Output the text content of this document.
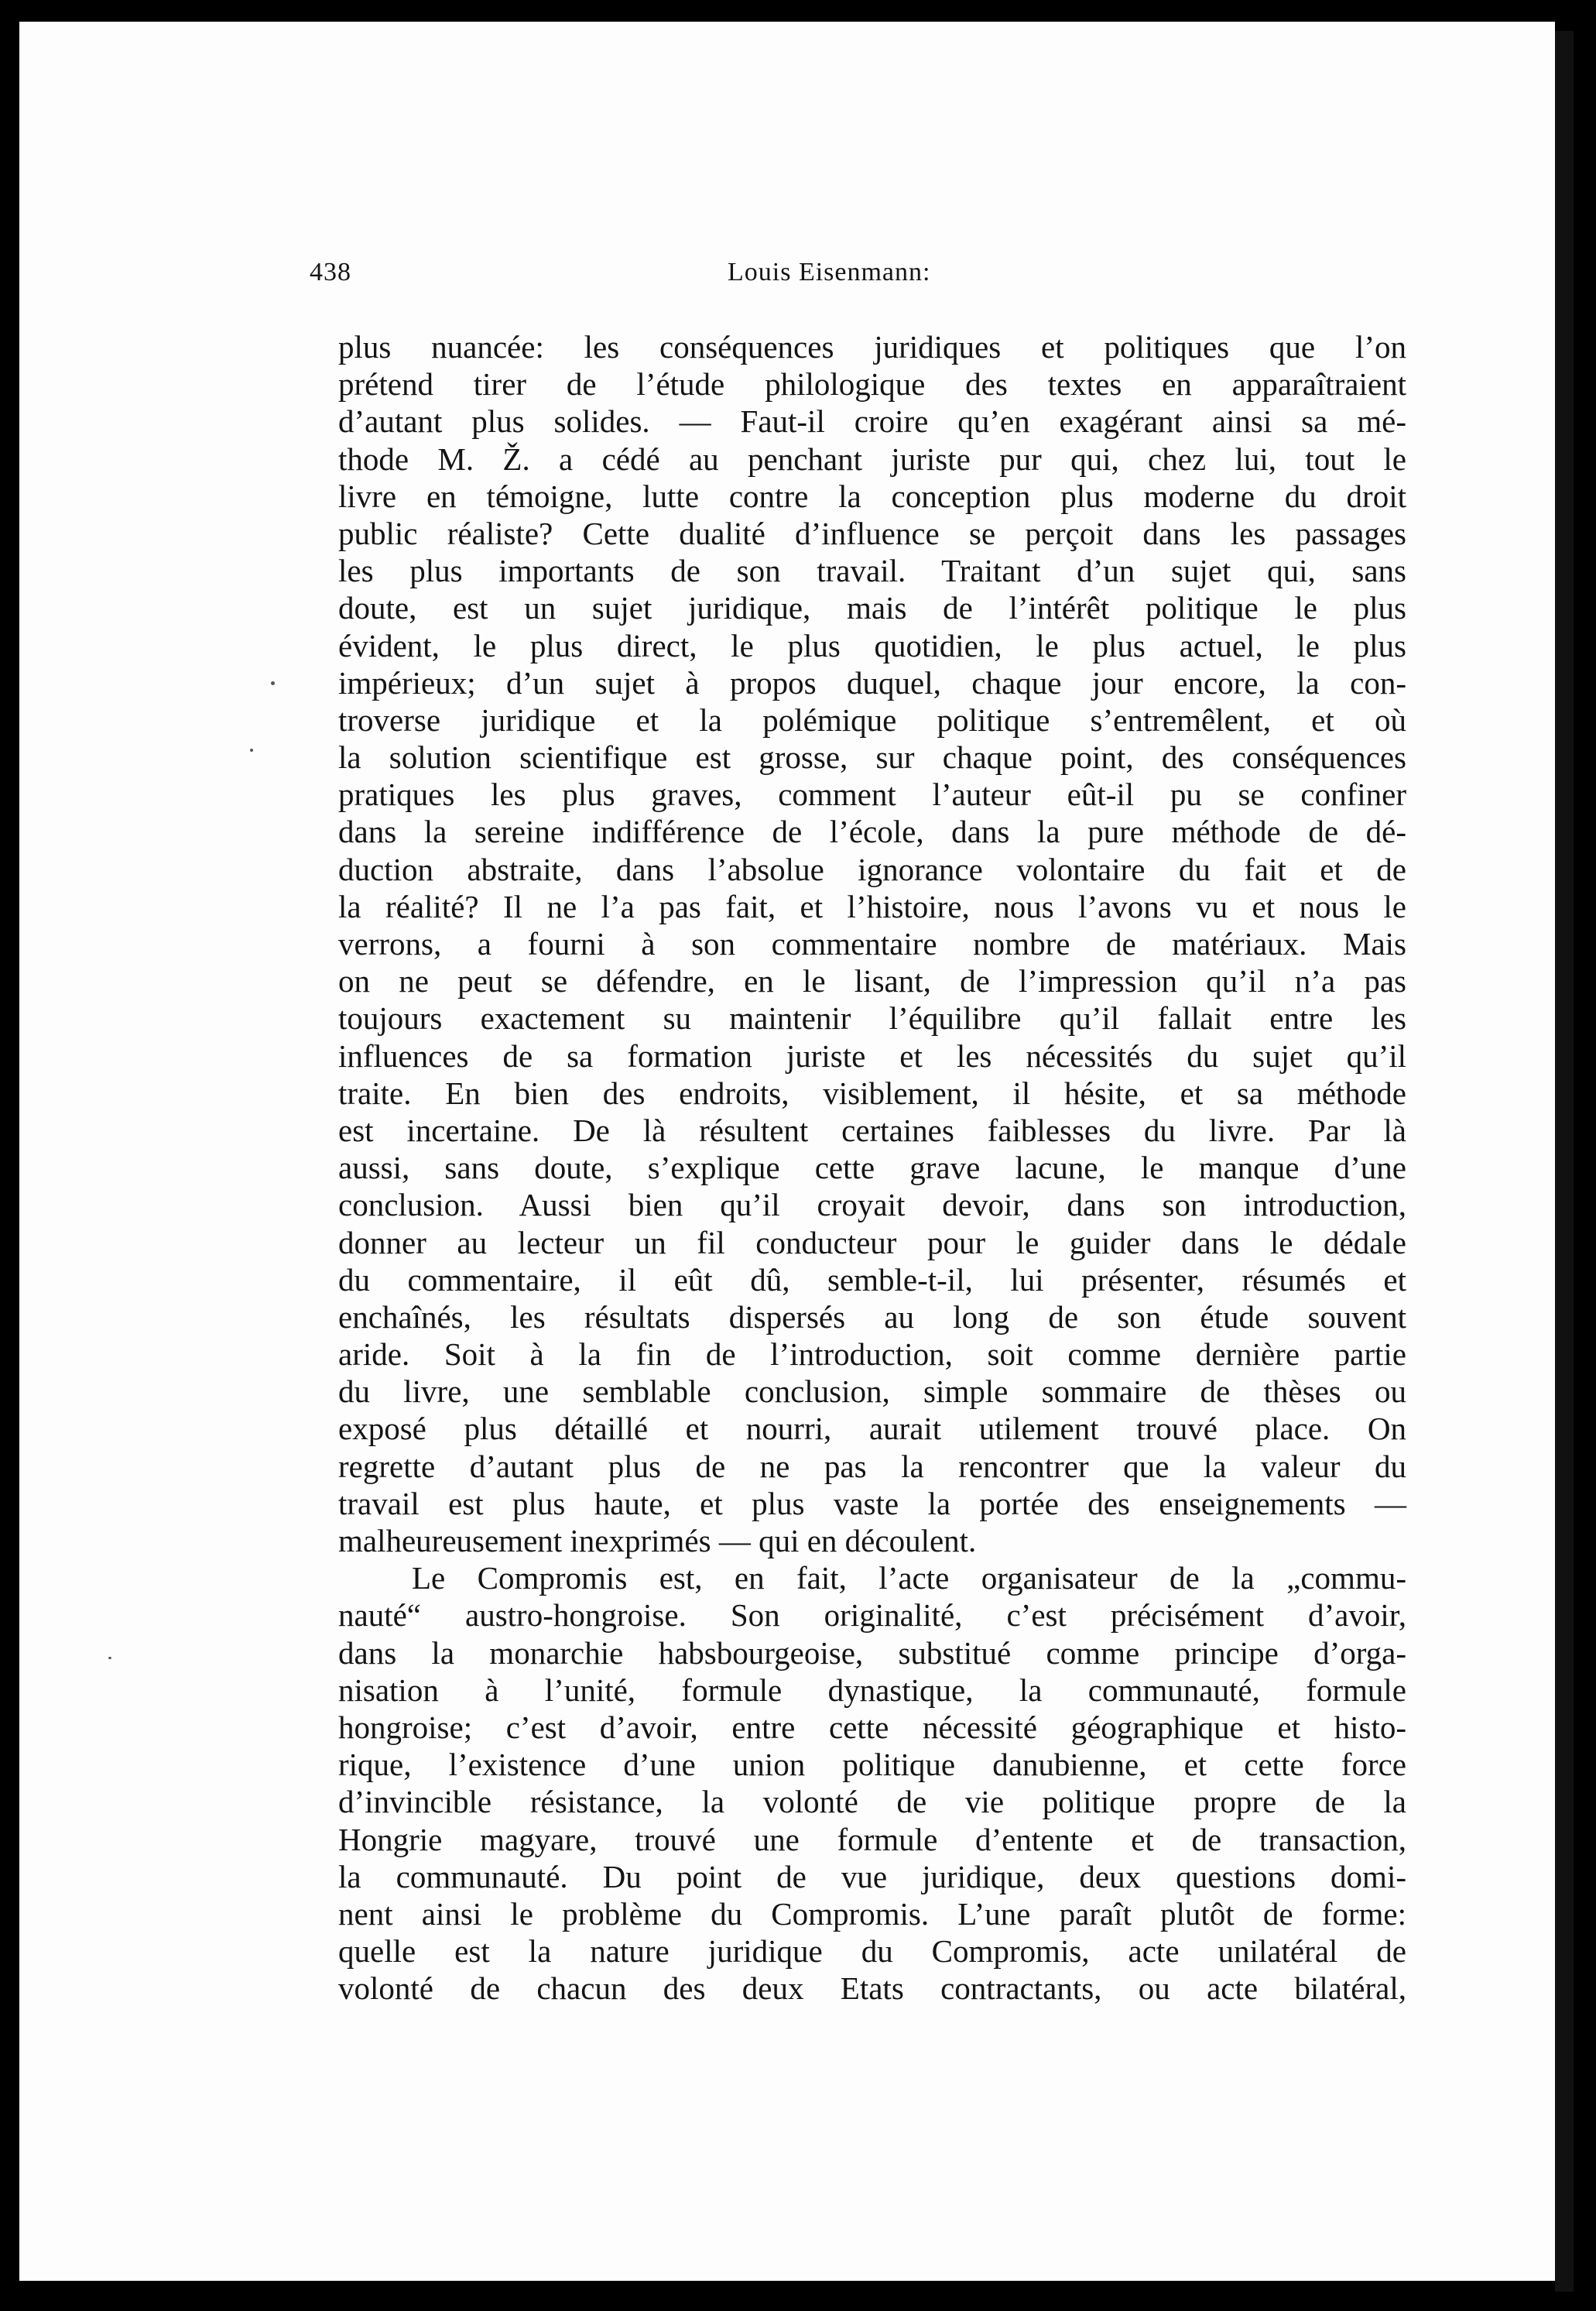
438	Louis Eisenmann:
plus nuancée: les conséquences juridiques et politiques que l’on
prétend tirer de l’étude philologique des textes en apparaîtraient
d’autant plus solides. — Faut-il croire qu’en exagérant ainsi sa mé-
thode M. Ž. a cédé au penchant juriste pur qui, chez lui, tout le
livre en témoigne, lutte contre la conception plus moderne du droit
public réaliste? Cette dualité d’influence se perçoit dans les passages
les plus importants de son travail. Traitant d’un sujet qui, sans
doute, est un sujet juridique, mais de l’intérêt politique le plus
évident, le plus direct, le plus quotidien, le plus actuel, le plus
impérieux; d’un sujet à propos duquel, chaque jour encore, la con-
troverse juridique et la polémique politique s’entremêlent, et où
la solution scientifique est grosse, sur chaque point, des conséquences
pratiques les plus graves, comment l’auteur eût-il pu se confiner
dans la sereine indifférence de l’école, dans la pure méthode de dé-
duction abstraite, dans l’absolue ignorance volontaire du fait et de
la réalité? Il ne l’a pas fait, et l’histoire, nous l’avons vu et nous le
verrons, a fourni à son commentaire nombre de matériaux. Mais
on ne peut se défendre, en le lisant, de l’impression qu’il n’a pas
toujours exactement su maintenir l’équilibre qu’il fallait entre les
influences de sa formation juriste et les nécessités du sujet qu’il
traite. En bien des endroits, visiblement, il hésite, et sa méthode
est incertaine. De là résultent certaines faiblesses du livre. Par là
aussi, sans doute, s’explique cette grave lacune, le manque d’une
conclusion. Aussi bien qu’il croyait devoir, dans son introduction,
donner au lecteur un fil conducteur pour le guider dans le dédale
du commentaire, il eût dû, semble-t-il, lui présenter, résumés et
enchaînés, les résultats dispersés au long de son étude souvent
aride. Soit à la fin de l’introduction, soit comme dernière partie
du livre, une semblable conclusion, simple sommaire de thèses ou
exposé plus détaillé et nourri, aurait utilement trouvé place. On
regrette d’autant plus de ne pas la rencontrer que la valeur du
travail est plus haute, et plus vaste la portée des enseignements —
malheureusement inexprimés — qui en découlent.
Le Compromis est, en fait, l’acte organisateur de la „commu-
nauté“ austro-hongroise. Son originalité, c’est précisément d’avoir,
dans la monarchie habsbourgeoise, substitué comme principe d’orga-
nisation à l’unité, formule dynastique, la communauté, formule
hongroise; c’est d’avoir, entre cette nécessité géographique et histo-
rique, l’existence d’une union politique danubienne, et cette force
d’invincible résistance, la volonté de vie politique propre de la
Hongrie magyare, trouvé une formule d’entente et de transaction,
la communauté. Du point de vue juridique, deux questions domi-
nent ainsi le problème du Compromis. L’une paraît plutôt de forme:
quelle est la nature juridique du Compromis, acte unilatéral de
volonté de chacun des deux Etats contractants, ou acte bilatéral,
